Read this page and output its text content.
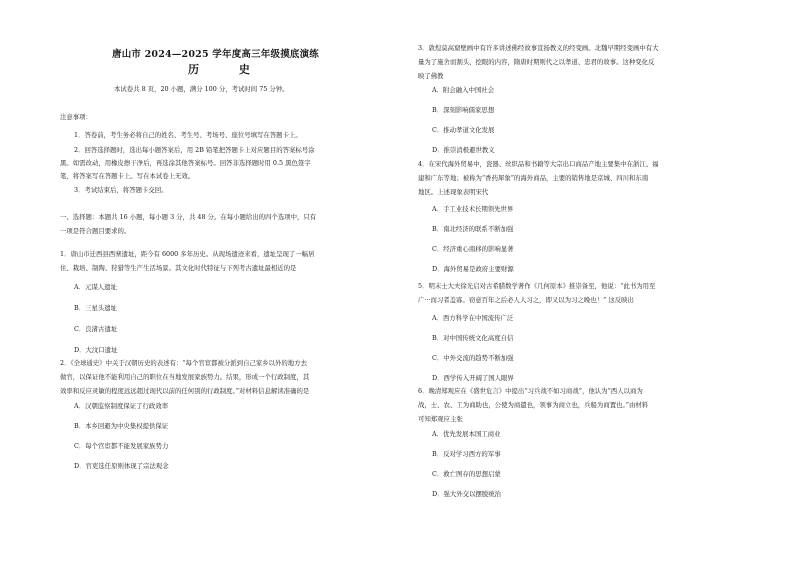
唐山市 2024—2025 学年度高三年级摸底演练
历 史
本试卷共 8 页，20 小题，满分 100 分，考试时间 75 分钟。
注意事项：
1．答卷前，考生务必将自己的姓名、考生号、考场号、座位号填写在答题卡上。
2．回答选择题时，选出每小题答案后，用 2B 铅笔把答题卡上对应题目的答案标号涂
黑。如需改动，用橡皮擦干净后，再选涂其他答案标号。回答非选择题时用 0.5 黑色签字
笔，将答案写在答题卡上。写在本试卷上无效。
3．考试结束后，将答题卡交回。
一、选择题：本题共 16 小题，每小题 3 分，共 48 分。在每小题给出的四个选项中，只有
一项是符合题目要求的。
1．唐山市迁西县西寨遗址，距今有 6000 多年历史。从现场遗迹来看，遗址呈现了一幅居
住、栽培、制陶、狩猎等生产生活场景。其文化时代特征与下列考古遗址最相近的是
A．元谋人遗址
B．三星头遗址
C．良渚古遗址
D．大汶口遗址
2．《全球通史》中关于汉朝历史的表述有：“每个官宦都被分派到自己家乡以外的地方去
做官，以保证他不能利用自己的职位在当地发展家族势力。结果，形成一个行政制度，其
效率和反应灵敏的程度远远超过现代以前的任何别的行政制度。”对材料信息解读准确的是
A．汉朝监察制度保证了行政效率
B．本乡回避为中央集权提供保证
C．每个官宦都不能发展家族势力
D．官吏选任原则体现了宗法观念
3．敦煌莫高窟壁画中有许多讲述佛经故事宣扬教义的经变画。北魏早期经变画中有大
量为了施舍而割头、挖眼的内容，隋唐时期则代之以孝道、忠君的故事。这种变化反
映了佛教
A．附会融入中国社会
B．深刻影响儒家思想
C．推动孝道文化发展
D．推崇消极避世教义
4．在宋代海外贸易中，瓷器、丝织品和书籍等大宗出口商品产地主要集中在浙江、福
建和广东等地；被称为“香药犀象”的海外商品，主要的销售地是京城、四川和东南
地区。上述现象表明宋代
A．手工业技术长期领先世界
B．南北经济的联系不断加强
C．经济重心南移的影响显著
D．海外贸易是政府主要财源
5．明末士大夫徐光启对古希腊数学著作《几何原本》推崇备至，他说：“此书为用至
广···而习者盖寡。窃意百年之后必人人习之，即又以为习之晚也！” 这反映出
A．西方科学在中国流传广泛
B．对中国传统文化高度自信
C．中外交流的趋势不断加强
D．西学传入开阔了国人眼界
6．晚清郑观应在《盛世危言》中提出“习兵战不如习商战”，他认为“西人以商为
战，士、农、工为商助也，公使为商遣也，领事为商立也，兵船为商置也。”由材料
可知郑观应主张
A．优先发展本国工商业
B．反对学习西方的军事
C．救亡图存的思想启蒙
D．强大外交以摆脱统治
